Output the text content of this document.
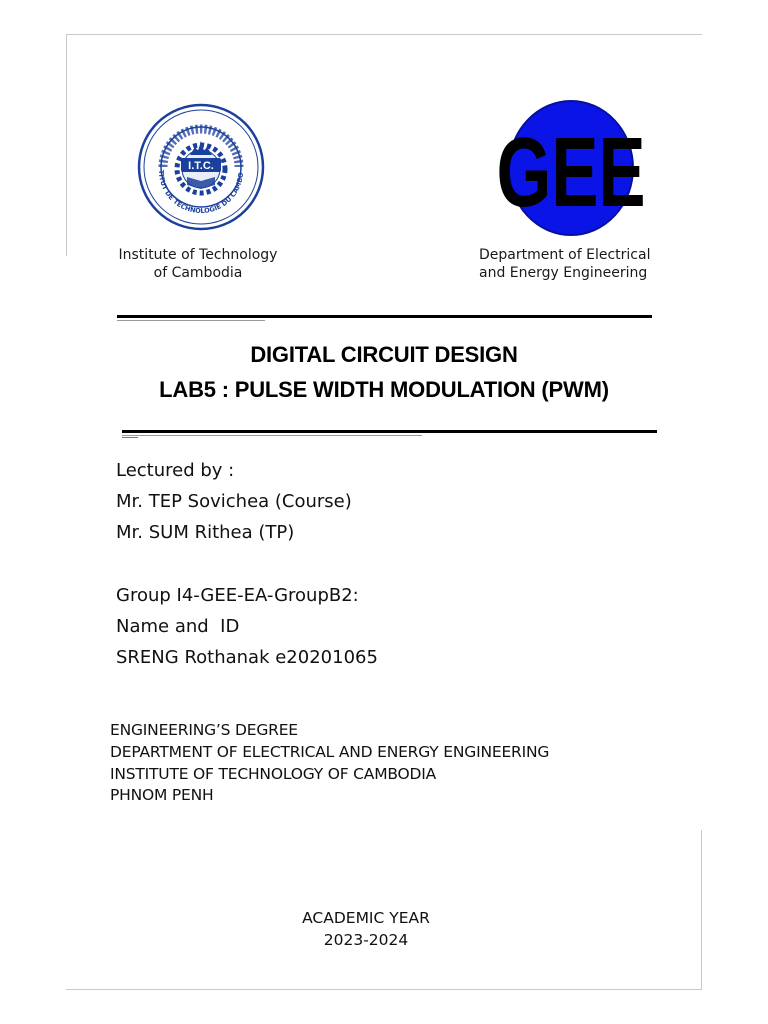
TITUT DE TECHNOLOGIE DU CAMBO
I.T.C.	GEE
Institute of Technology
of Cambodia
Department of Electrical
and Energy Engineering
DIGITAL CIRCUIT DESIGN
LAB5 : PULSE WIDTH MODULATION (PWM)
Lectured by :
Mr. TEP Sovichea (Course)
Mr. SUM Rithea (TP)
Group I4-GEE-EA-GroupB2:
Name and  ID
SRENG Rothanak e20201065
ENGINEERING’S DEGREE
DEPARTMENT OF ELECTRICAL AND ENERGY ENGINEERING
INSTITUTE OF TECHNOLOGY OF CAMBODIA
PHNOM PENH
ACADEMIC YEAR
2023-2024
